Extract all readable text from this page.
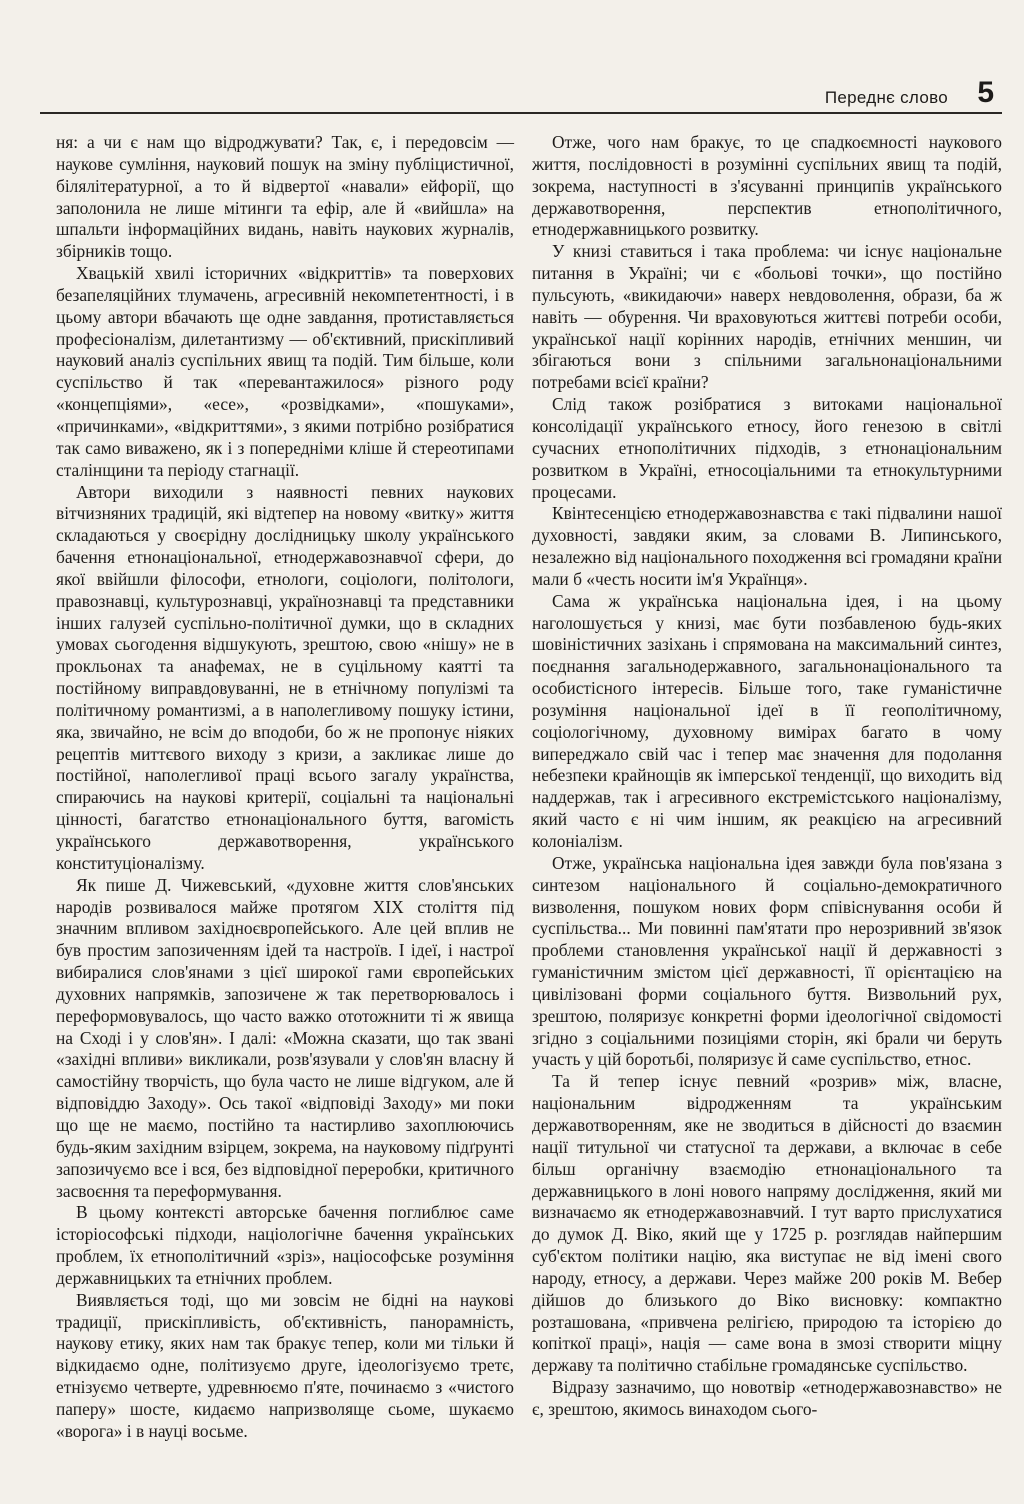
Переднє слово 5

ня: а чи є нам що відроджувати? Так, є, і передовсім — наукове сумління, науковий пошук на зміну публіцистичної, білялітературної, а то й відвертої «навали» ейфорії, що заполонила не лише мітинги та ефір, але й «вийшла» на шпальти інформаційних видань, навіть наукових журналів, збірників тощо.

Хвацькій хвилі історичних «відкриттів» та поверхових безапеляційних тлумачень, агресивній некомпетентності, і в цьому автори вбачають ще одне завдання, протиставляється професіоналізм, дилетантизму — об'єктивний, прискіпливий науковий аналіз суспільних явищ та подій. Тим більше, коли суспільство й так «перевантажилося» різного роду «концепціями», «есе», «розвідками», «пошуками», «причинками», «відкриттями», з якими потрібно розібратися так само виважено, як і з попередніми кліше й стереотипами сталінщини та періоду стагнації.

Автори виходили з наявності певних наукових вітчизняних традицій, які відтепер на новому «витку» життя складаються у своєрідну дослідницьку школу українського бачення етнонаціональної, етнодержавознавчої сфери, до якої ввійшли філософи, етнологи, соціологи, політологи, правознавці, культурознавці, українознавці та представники інших галузей суспільно-політичної думки, що в складних умовах сьогодення відшукують, зрештою, свою «нішу» не в прокльонах та анафемах, не в суцільному каятті та постійному виправдовуванні, не в етнічному популізмі та політичному романтизмі, а в наполегливому пошуку істини, яка, звичайно, не всім до вподоби, бо ж не пропонує ніяких рецептів миттєвого виходу з кризи, а закликає лише до постійної, наполегливої праці всього загалу українства, спираючись на наукові критерії, соціальні та національні цінності, багатство етнонаціонального буття, вагомість українського державотворення, українського конституціоналізму.

Як пише Д. Чижевський, «духовне життя слов'янських народів розвивалося майже протягом XIX століття під значним впливом західноєвропейського. Але цей вплив не був простим запозиченням ідей та настроїв. І ідеї, і настрої вибиралися слов'янами з цієї широкої гами європейських духовних напрямків, запозичене ж так перетворювалось і переформовувалось, що часто важко ототожнити ті ж явища на Сході і у слов'ян». І далі: «Можна сказати, що так звані «західні впливи» викликали, розв'язували у слов'ян власну й самостійну творчість, що була часто не лише відгуком, але й відповіддю Заходу». Ось такої «відповіді Заходу» ми поки що ще не маємо, постійно та настирливо захоплюючись будь-яким західним взірцем, зокрема, на науковому підґрунті запозичуємо все і вся, без відповідної переробки, критичного засвоєння та переформування.

В цьому контексті авторське бачення поглиблює саме історіософські підходи, націологічне бачення українських проблем, їх етнополітичний «зріз», націософське розуміння державницьких та етнічних проблем.

Виявляється тоді, що ми зовсім не бідні на наукові традиції, прискіпливість, об'єктивність, панорамність, наукову етику, яких нам так бракує тепер, коли ми тільки й відкидаємо одне, політизуємо друге, ідеологізуємо третє, етнізуємо четверте, удревнюємо п'яте, починаємо з «чистого паперу» шосте, кидаємо напризволяще сьоме, шукаємо «ворога» і в науці восьме.

Отже, чого нам бракує, то це спадкоємності наукового життя, послідовності в розумінні суспільних явищ та подій, зокрема, наступності в з'ясуванні принципів українського державотворення, перспектив етнополітичного, етнодержавницького розвитку.

У книзі ставиться і така проблема: чи існує національне питання в Україні; чи є «больові точки», що постійно пульсують, «викидаючи» наверх невдоволення, образи, ба ж навіть — обурення. Чи враховуються життєві потреби особи, української нації корінних народів, етнічних меншин, чи збігаються вони з спільними загальнонаціональними потребами всієї країни?

Слід також розібратися з витоками національної консолідації українського етносу, його генезою в світлі сучасних етнополітичних підходів, з етнонаціональним розвитком в Україні, етносоціальними та етнокультурними процесами.

Квінтесенцією етнодержавознавства є такі підвалини нашої духовності, завдяки яким, за словами В. Липинського, незалежно від національного походження всі громадяни країни мали б «честь носити ім'я Українця».

Сама ж українська національна ідея, і на цьому наголошується у книзі, має бути позбавленою будь-яких шовіністичних зазіхань і спрямована на максимальний синтез, поєднання загальнодержавного, загальнонаціонального та особистісного інтересів. Більше того, таке гуманістичне розуміння національної ідеї в її геополітичному, соціологічному, духовному вимірах багато в чому випереджало свій час і тепер має значення для подолання небезпеки крайнощів як імперської тенденції, що виходить від наддержав, так і агресивного екстремістського націоналізму, який часто є ні чим іншим, як реакцією на агресивний колоніалізм.

Отже, українська національна ідея завжди була пов'язана з синтезом національного й соціально-демократичного визволення, пошуком нових форм співіснування особи й суспільства... Ми повинні пам'ятати про нерозривний зв'язок проблеми становлення української нації й державності з гуманістичним змістом цієї державності, її орієнтацією на цивілізовані форми соціального буття. Визвольний рух, зрештою, поляризує конкретні форми ідеологічної свідомості згідно з соціальними позиціями сторін, які брали чи беруть участь у цій боротьбі, поляризує й саме суспільство, етнос.

Та й тепер існує певний «розрив» між, власне, національним відродженням та українським державотворенням, яке не зводиться в дійсності до взаємин нації титульної чи статусної та держави, а включає в себе більш органічну взаємодію етнонаціонального та державницького в лоні нового напряму дослідження, який ми визначаємо як етнодержавознавчий. І тут варто прислухатися до думок Д. Віко, який ще у 1725 р. розглядав найпершим суб'єктом політики націю, яка виступає не від імені свого народу, етносу, а держави. Через майже 200 років М. Вебер дійшов до близького до Віко висновку: компактно розташована, «привчена релігією, природою та історією до копіткої праці», нація — саме вона в змозі створити міцну державу та політично стабільне громадянське суспільство.

Відразу зазначимо, що новотвір «етнодержавознавство» не є, зрештою, якимось винаходом сього-
